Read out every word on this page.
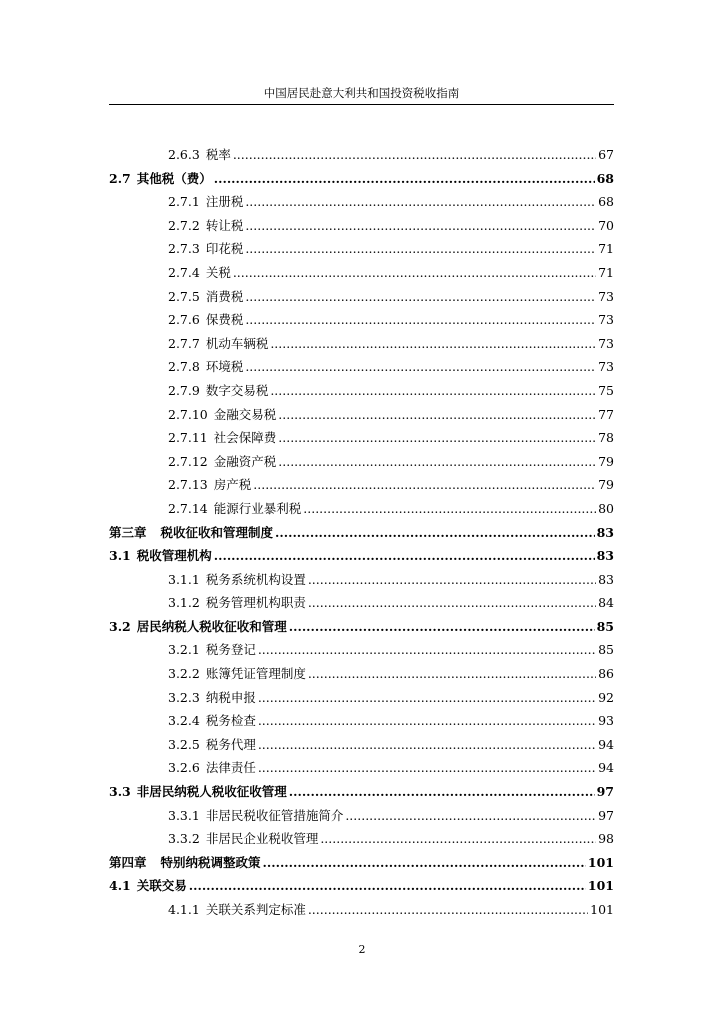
中国居民赴意大利共和国投资税收指南
2.6.3 税率 .....	67
2.7 其他税（费） .....	68
2.7.1 注册税 .....	68
2.7.2 转让税 .....	70
2.7.3 印花税 .....	71
2.7.4 关税 .....	71
2.7.5 消费税 .....	73
2.7.6 保费税 .....	73
2.7.7 机动车辆税 .....	73
2.7.8 环境税 .....	73
2.7.9 数字交易税 .....	75
2.7.10 金融交易税 .....	77
2.7.11 社会保障费 .....	78
2.7.12 金融资产税 .....	79
2.7.13 房产税 .....	79
2.7.14 能源行业暴利税 .....	80
第三章 税收征收和管理制度 .....	83
3.1 税收管理机构 .....	83
3.1.1 税务系统机构设置 .....	83
3.1.2 税务管理机构职责 .....	84
3.2 居民纳税人税收征收和管理 .....	85
3.2.1 税务登记 .....	85
3.2.2 账簿凭证管理制度 .....	86
3.2.3 纳税申报 .....	92
3.2.4 税务检查 .....	93
3.2.5 税务代理 .....	94
3.2.6 法律责任 .....	94
3.3 非居民纳税人税收征收管理 .....	97
3.3.1 非居民税收征管措施简介 .....	97
3.3.2 非居民企业税收管理 .....	98
第四章 特别纳税调整政策 .....	101
4.1 关联交易 .....	101
4.1.1 关联关系判定标准 .....	101
2
